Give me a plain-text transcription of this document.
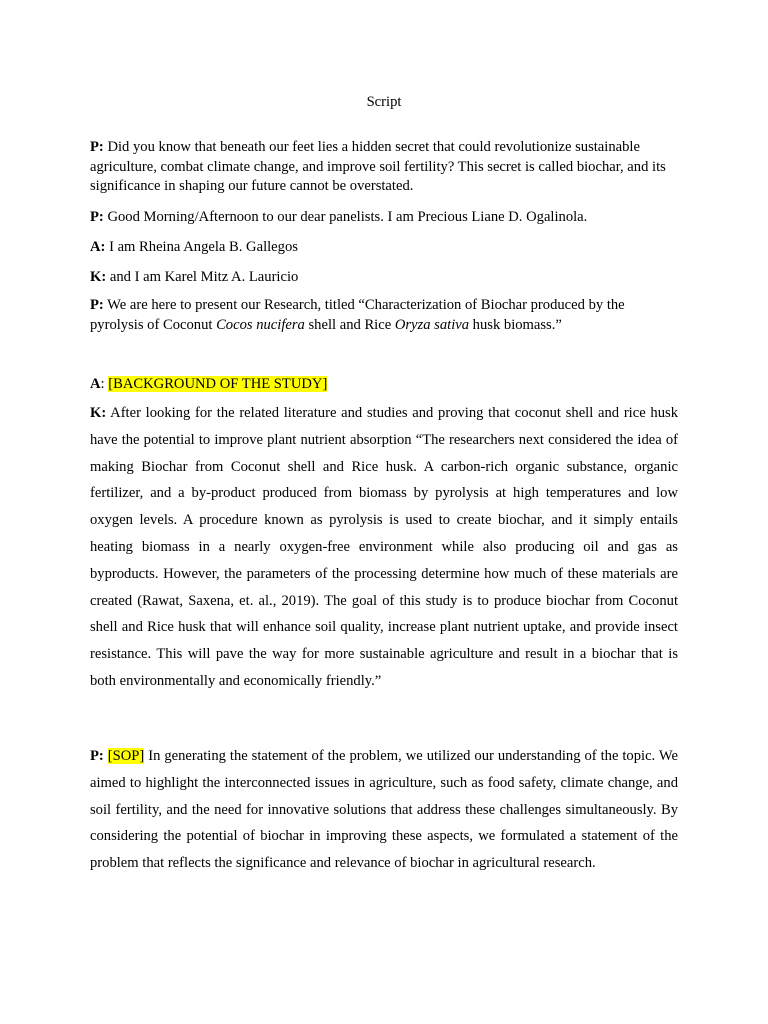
Script

P: Did you know that beneath our feet lies a hidden secret that could revolutionize sustainable agriculture, combat climate change, and improve soil fertility? This secret is called biochar, and its significance in shaping our future cannot be overstated.

P: Good Morning/Afternoon to our dear panelists. I am Precious Liane D. Ogalinola.

A: I am Rheina Angela B. Gallegos

K: and I am Karel Mitz A. Lauricio

P: We are here to present our Research, titled “Characterization of Biochar produced by the pyrolysis of Coconut Cocos nucifera shell and Rice Oryza sativa husk biomass.”

A: [BACKGROUND OF THE STUDY]

K: After looking for the related literature and studies and proving that coconut shell and rice husk have the potential to improve plant nutrient absorption “The researchers next considered the idea of making Biochar from Coconut shell and Rice husk. A carbon-rich organic substance, organic fertilizer, and a by-product produced from biomass by pyrolysis at high temperatures and low oxygen levels. A procedure known as pyrolysis is used to create biochar, and it simply entails heating biomass in a nearly oxygen-free environment while also producing oil and gas as byproducts. However, the parameters of the processing determine how much of these materials are created (Rawat, Saxena, et. al., 2019). The goal of this study is to produce biochar from Coconut shell and Rice husk that will enhance soil quality, increase plant nutrient uptake, and provide insect resistance. This will pave the way for more sustainable agriculture and result in a biochar that is both environmentally and economically friendly.”

P: [SOP] In generating the statement of the problem, we utilized our understanding of the topic. We aimed to highlight the interconnected issues in agriculture, such as food safety, climate change, and soil fertility, and the need for innovative solutions that address these challenges simultaneously. By considering the potential of biochar in improving these aspects, we formulated a statement of the problem that reflects the significance and relevance of biochar in agricultural research.
